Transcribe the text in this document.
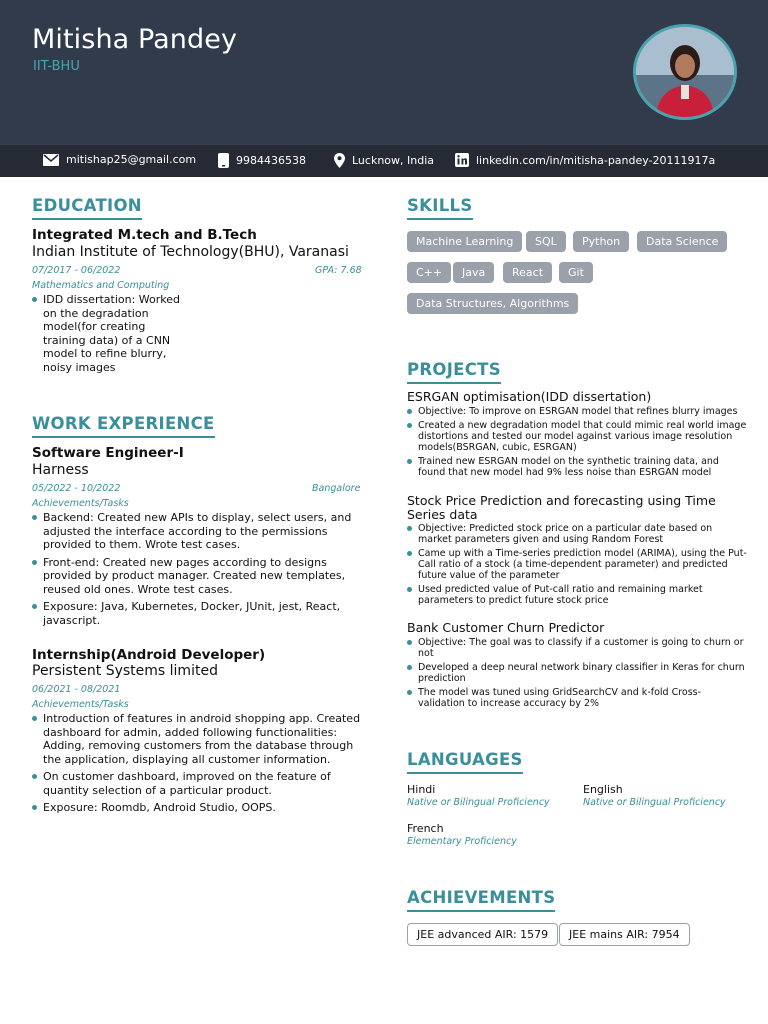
Mitisha Pandey
IIT-BHU
mitishap25@gmail.com	9984436538	Lucknow, India	linkedin.com/in/mitisha-pandey-20111917a
EDUCATION
Integrated M.tech and B.Tech
Indian Institute of Technology(BHU), Varanasi
07/2017 - 06/2022	GPA: 7.68
Mathematics and Computing
IDD dissertation: Worked on the degradation model(for creating training data) of a CNN model to refine blurry, noisy images
WORK EXPERIENCE
Software Engineer-I
Harness
05/2022 - 10/2022	Bangalore
Achievements/Tasks
Backend: Created new APIs to display, select users, and adjusted the interface according to the permissions provided to them. Wrote test cases.
Front-end: Created new pages according to designs provided by product manager. Created new templates, reused old ones. Wrote test cases.
Exposure: Java, Kubernetes, Docker, JUnit, jest, React, javascript.
Internship(Android Developer)
Persistent Systems limited
06/2021 - 08/2021
Achievements/Tasks
Introduction of features in android shopping app. Created dashboard for admin, added following functionalities: Adding, removing customers from the database through the application, displaying all customer information.
On customer dashboard, improved on the feature of quantity selection of a particular product.
Exposure: Roomdb, Android Studio, OOPS.
SKILLS
Machine Learning	SQL	Python	Data Science
C++	Java	React	Git
Data Structures, Algorithms
PROJECTS
ESRGAN optimisation(IDD dissertation)
Objective: To improve on ESRGAN model that refines blurry images
Created a new degradation model that could mimic real world image distortions and tested our model against various image resolution models(BSRGAN, cubic, ESRGAN)
Trained new ESRGAN model on the synthetic training data, and found that new model had 9% less noise than ESRGAN model
Stock Price Prediction and forecasting using Time Series data
Objective: Predicted stock price on a particular date based on market parameters given and using Random Forest
Came up with a Time-series prediction model (ARIMA), using the Put-Call ratio of a stock (a time-dependent parameter) and predicted future value of the parameter
Used predicted value of Put-call ratio and remaining market parameters to predict future stock price
Bank Customer Churn Predictor
Objective: The goal was to classify if a customer is going to churn or not
Developed a deep neural network binary classifier in Keras for churn prediction
The model was tuned using GridSearchCV and k-fold Cross-validation to increase accuracy by 2%
LANGUAGES
Hindi
Native or Bilingual Proficiency
English
Native or Bilingual Proficiency
French
Elementary Proficiency
ACHIEVEMENTS
JEE advanced AIR: 1579	JEE mains AIR: 7954
